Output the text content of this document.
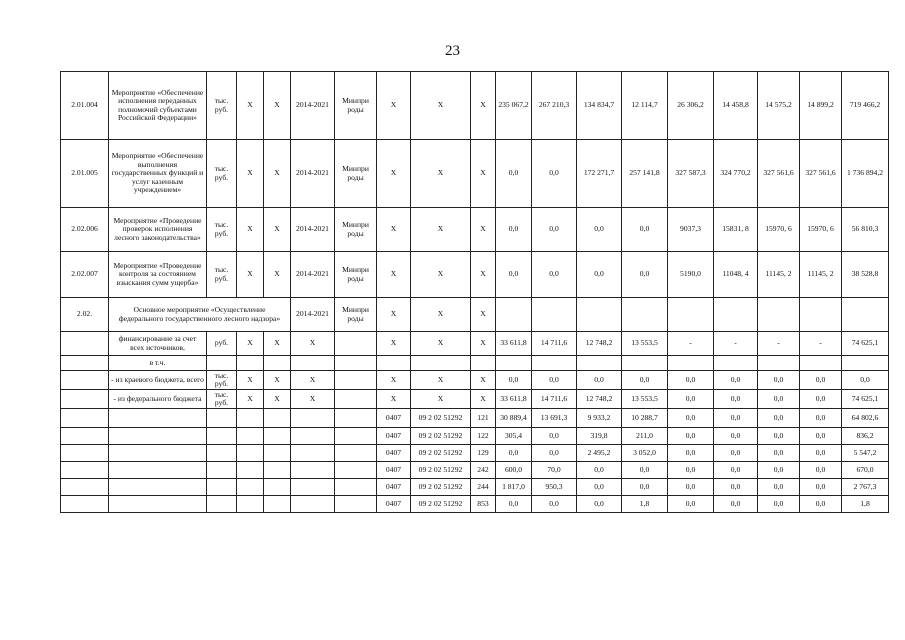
23
2.01.004	Мероприятие «Обеспечение исполнения переданных полномочий субъектами Российской Федерации»	тыс. руб.	Х	Х	2014-2021	Минпри роды	Х	Х	Х	235 067,2	267 210,3	134 834,7	12 114,7	26 306,2	14 458,8	14 575,2	14 899,2	719 466,2
2.01.005	Мероприятие «Обеспечение выполнения государственных функций и услуг казенным учреждением»	тыс. руб.	Х	Х	2014-2021	Минпри роды	Х	Х	Х	0,0	0,0	172 271,7	257 141,8	327 587,3	324 770,2	327 561,6	327 561,6	1 736 894,2
2.02.006	Мероприятие «Проведение проверок исполнения лесного законодательства»	тыс. руб.	Х	Х	2014-2021	Минпри роды	Х	Х	Х	0,0	0,0	0,0	0,0	9037,3	15831, 8	15970, 6	15970, 6	56 810,3
2.02.007	Мероприятие «Проведение контроля за состоянием взыскания сумм ущерба»	тыс. руб.	Х	Х	2014-2021	Минпри роды	Х	Х	Х	0,0	0,0	0,0	0,0	5190,0	11048, 4	11145, 2	11145, 2	38 528,8
2.02.	Основное мероприятие «Осуществление федерального государственного лесного надзора»				2014-2021	Минпри роды	Х	Х	Х									
	финансирование за счет всех источников,	руб.	Х	Х	Х		Х	Х	Х	33 611,8	14 711,6	12 748,2	13 553,5	-	-	-	-	74 625,1
	в т.ч.																	
	- из краевого бюджета, всего	тыс. руб.	Х	Х	Х		Х	Х	Х	0,0	0,0	0,0	0,0	0,0	0,0	0,0	0,0	0,0
	- из федерального бюджета	тыс. руб.	Х	Х	Х		Х	Х	Х	33 611,8	14 711,6	12 748,2	13 553,5	0,0	0,0	0,0	0,0	74 625,1
							0407	09 2 02 51292	121	30 889,4	13 691,3	9 933,2	10 288,7	0,0	0,0	0,0	0,0	64 802,6
							0407	09 2 02 51292	122	305,4	0,0	319,8	211,0	0,0	0,0	0,0	0,0	836,2
							0407	09 2 02 51292	129	0,0	0,0	2 495,2	3 052,0	0,0	0,0	0,0	0,0	5 547,2
							0407	09 2 02 51292	242	600,0	70,0	0,0	0,0	0,0	0,0	0,0	0,0	670,0
							0407	09 2 02 51292	244	1 817,0	950,3	0,0	0,0	0,0	0,0	0,0	0,0	2 767,3
							0407	09 2 02 51292	853	0,0	0,0	0,0	1,8	0,0	0,0	0,0	0,0	1,8
